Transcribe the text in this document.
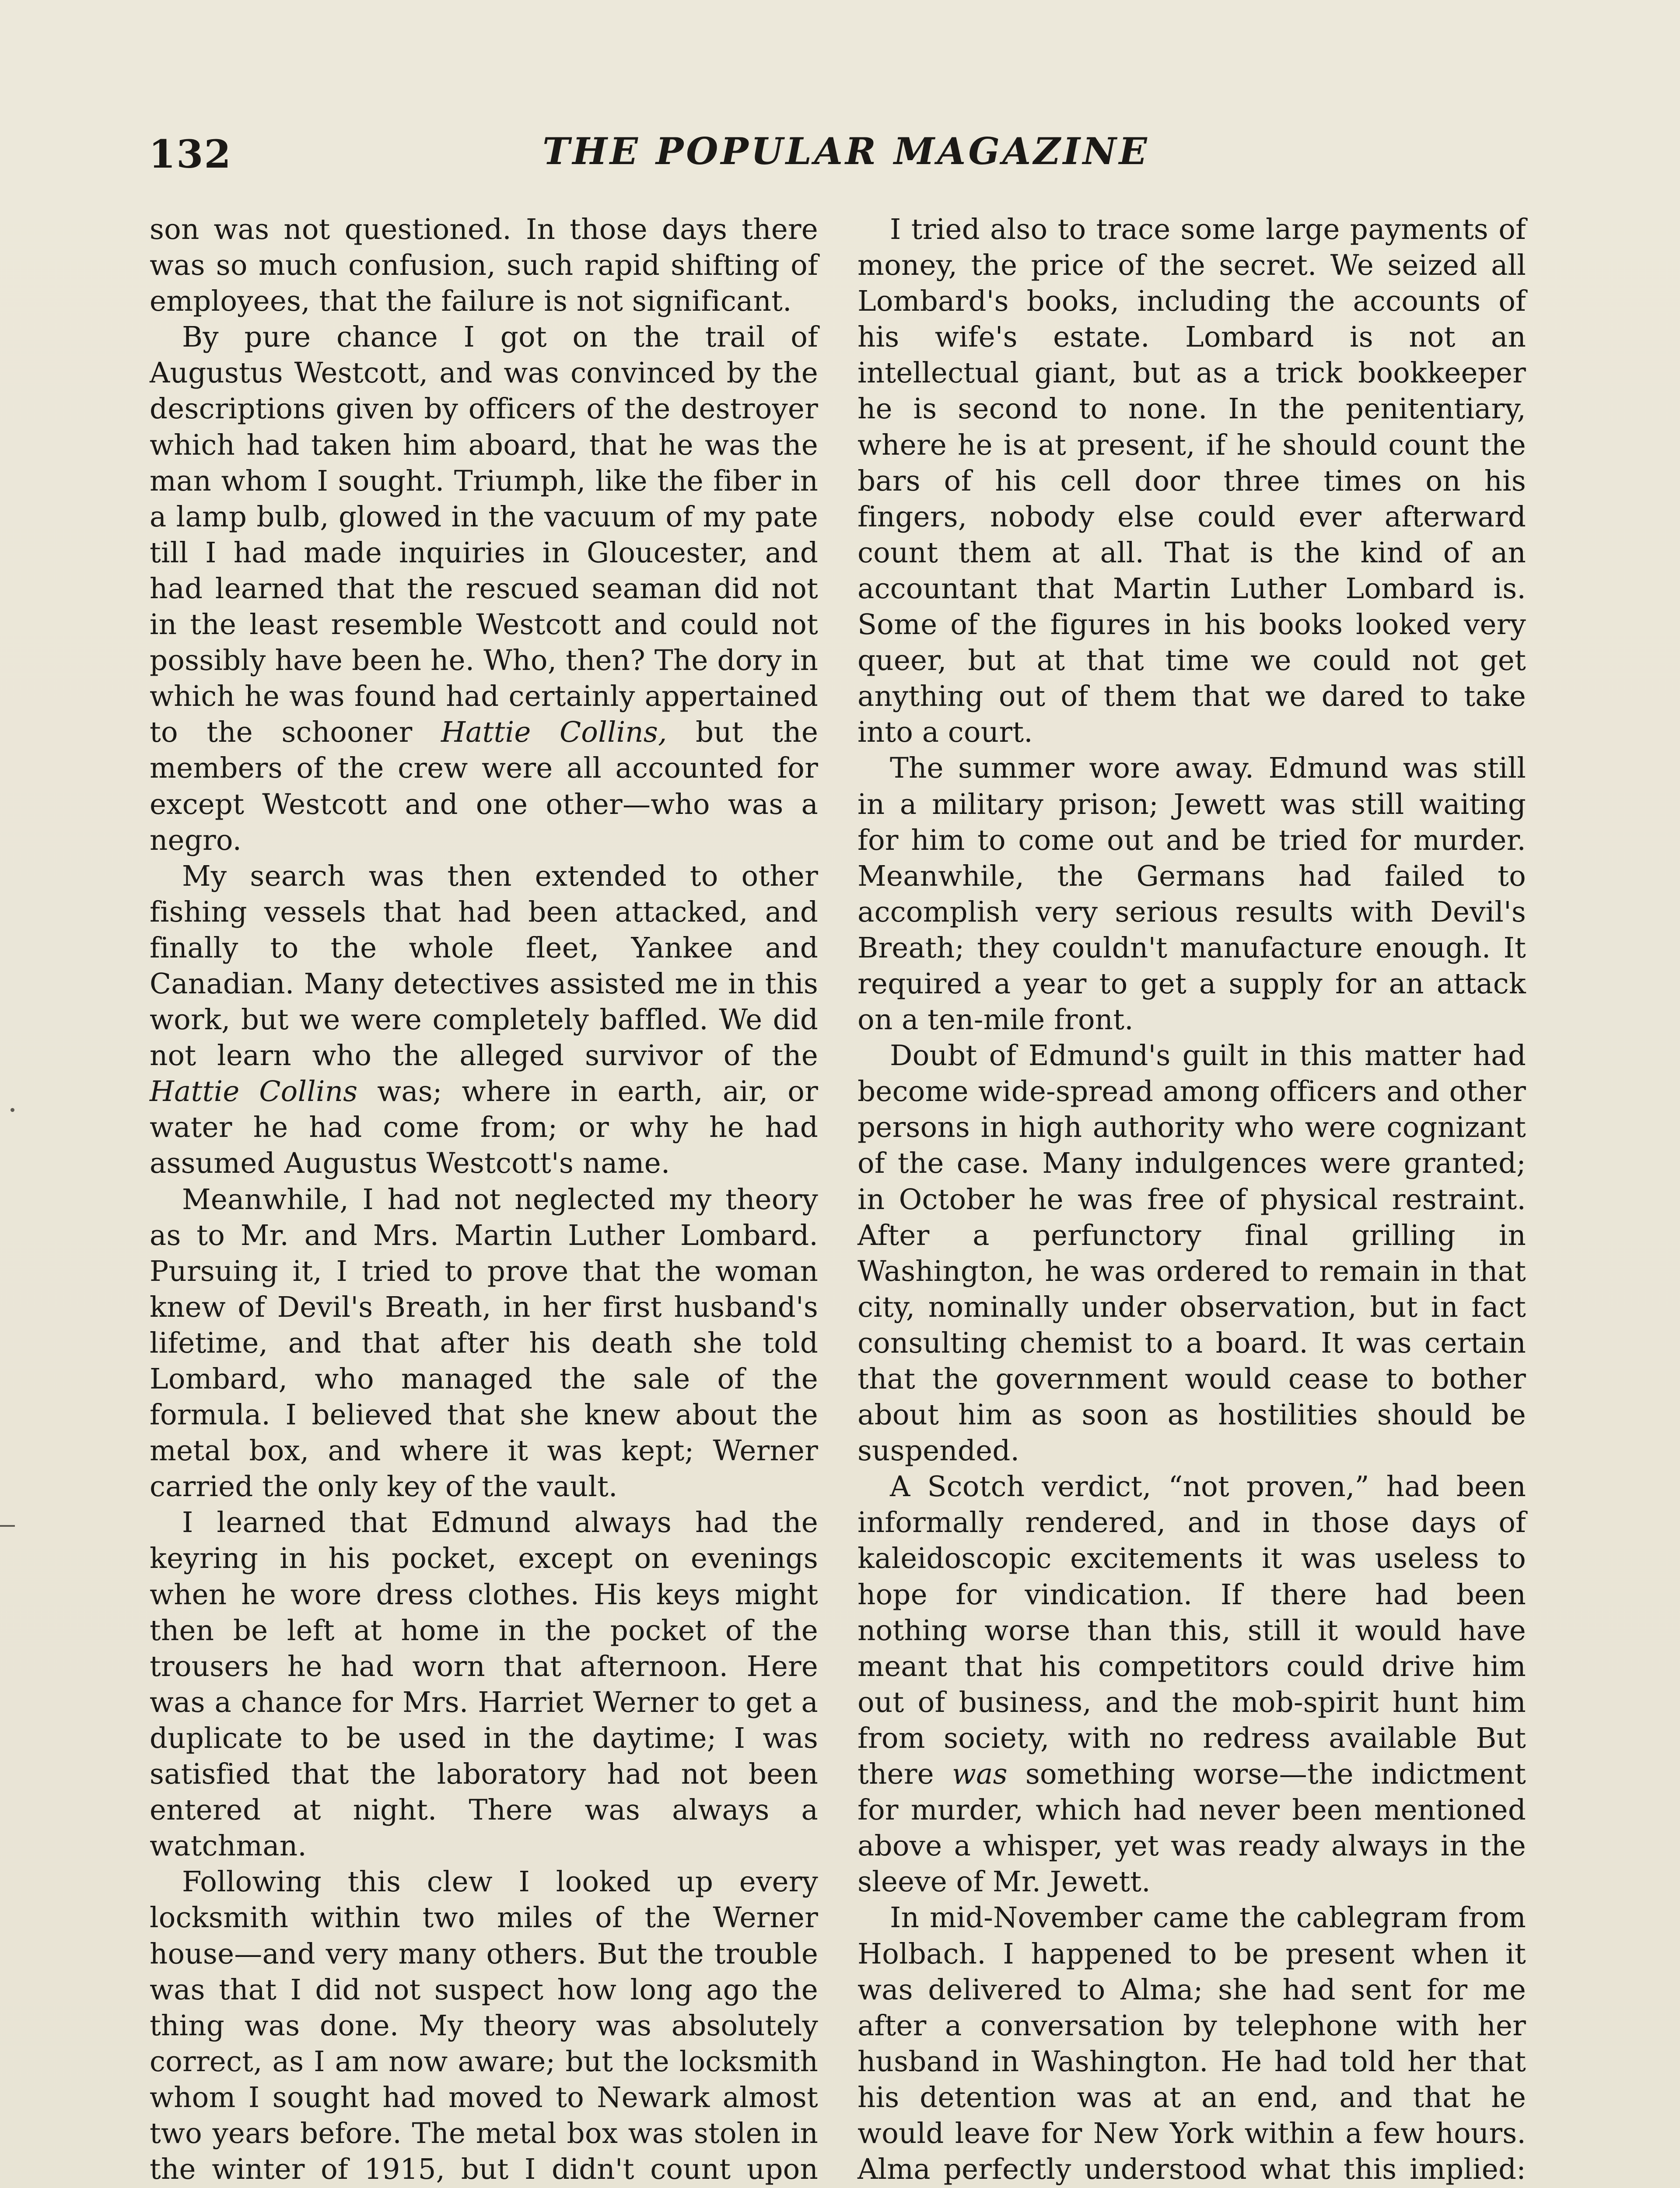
132	THE POPULAR MAGAZINE

son was not questioned. In those days there was so much confusion, such rapid shifting of employees, that the failure is not significant.

By pure chance I got on the trail of Augustus Westcott, and was convinced by the descriptions given by officers of the destroyer which had taken him aboard, that he was the man whom I sought. Triumph, like the fiber in a lamp bulb, glowed in the vacuum of my pate till I had made inquiries in Gloucester, and had learned that the rescued seaman did not in the least resemble Westcott and could not possibly have been he. Who, then? The dory in which he was found had certainly appertained to the schooner Hattie Collins, but the members of the crew were all accounted for except Westcott and one other—who was a negro.

My search was then extended to other fishing vessels that had been attacked, and finally to the whole fleet, Yankee and Canadian. Many detectives assisted me in this work, but we were completely baffled. We did not learn who the alleged survivor of the Hattie Collins was; where in earth, air, or water he had come from; or why he had assumed Augustus Westcott's name.

Meanwhile, I had not neglected my theory as to Mr. and Mrs. Martin Luther Lombard. Pursuing it, I tried to prove that the woman knew of Devil's Breath, in her first husband's lifetime, and that after his death she told Lombard, who managed the sale of the formula. I believed that she knew about the metal box, and where it was kept; Werner carried the only key of the vault.

I learned that Edmund always had the keyring in his pocket, except on evenings when he wore dress clothes. His keys might then be left at home in the pocket of the trousers he had worn that afternoon. Here was a chance for Mrs. Harriet Werner to get a duplicate to be used in the daytime; I was satisfied that the laboratory had not been entered at night. There was always a watchman.

Following this clew I looked up every locksmith within two miles of the Werner house—and very many others. But the trouble was that I did not suspect how long ago the thing was done. My theory was absolutely correct, as I am now aware; but the locksmith whom I sought had moved to Newark almost two years before. The metal box was stolen in the winter of 1915, but I didn't count upon

I tried also to trace some large payments of money, the price of the secret. We seized all Lombard's books, including the accounts of his wife's estate. Lombard is not an intellectual giant, but as a trick bookkeeper he is second to none. In the penitentiary, where he is at present, if he should count the bars of his cell door three times on his fingers, nobody else could ever afterward count them at all. That is the kind of an accountant that Martin Luther Lombard is. Some of the figures in his books looked very queer, but at that time we could not get anything out of them that we dared to take into a court.

The summer wore away. Edmund was still in a military prison; Jewett was still waiting for him to come out and be tried for murder. Meanwhile, the Germans had failed to accomplish very serious results with Devil's Breath; they couldn't manufacture enough. It required a year to get a supply for an attack on a ten-mile front.

Doubt of Edmund's guilt in this matter had become wide-spread among officers and other persons in high authority who were cognizant of the case. Many indulgences were granted; in October he was free of physical restraint. After a perfunctory final grilling in Washington, he was ordered to remain in that city, nominally under observation, but in fact consulting chemist to a board. It was certain that the government would cease to bother about him as soon as hostilities should be suspended.

A Scotch verdict, “not proven,” had been informally rendered, and in those days of kaleidoscopic excitements it was useless to hope for vindication. If there had been nothing worse than this, still it would have meant that his competitors could drive him out of business, and the mob-spirit hunt him from society, with no redress available But there was something worse—the indictment for murder, which had never been mentioned above a whisper, yet was ready always in the sleeve of Mr. Jewett.

In mid-November came the cablegram from Holbach. I happened to be present when it was delivered to Alma; she had sent for me after a conversation by telephone with her husband in Washington. He had told her that his detention was at an end, and that he would leave for New York within a few hours. Alma perfectly understood what this implied:
